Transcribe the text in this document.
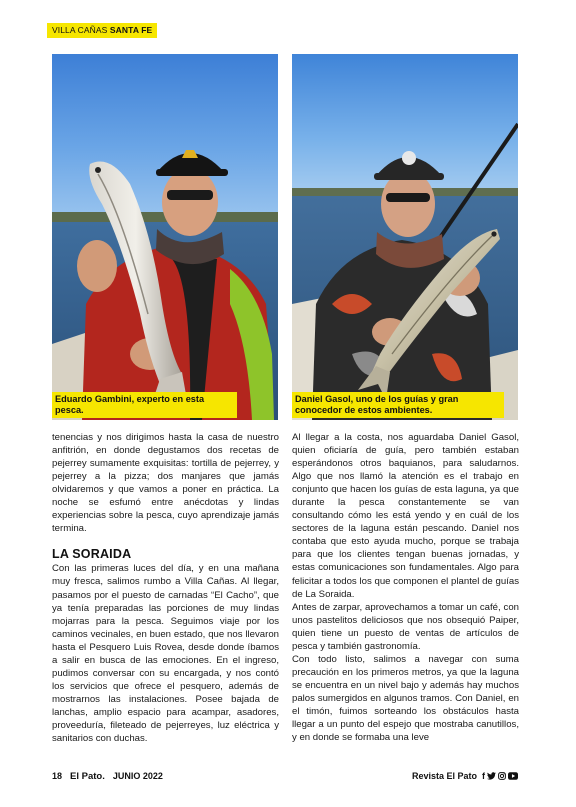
VILLA CAÑAS SANTA FE
Eduardo Gambini, experto en esta pesca.
Daniel Gasol, uno de los guías y gran conocedor de estos ambientes.

tenencias y nos dirigimos hasta la casa de nuestro anfitrión, en donde degustamos dos recetas de pejerrey sumamente exquisitas: tortilla de pejerrey, y pejerrey a la pizza; dos manjares que jamás olvidaremos y que vamos a poner en práctica. La noche se esfumó entre anécdotas y lindas experiencias sobre la pesca, cuyo aprendizaje jamás termina.

LA SORAIDA

Con las primeras luces del día, y en una mañana muy fresca, salimos rumbo a Villa Cañas. Al llegar, pasamos por el puesto de carnadas “El Cacho”, que ya tenía preparadas las porciones de muy lindas mojarras para la pesca. Seguimos viaje por los caminos vecinales, en buen estado, que nos llevaron hasta el Pesquero Luis Rovea, desde donde íbamos a salir en busca de las emociones. En el ingreso, pudimos conversar con su encargada, y nos contó los servicios que ofrece el pesquero, además de mostrarnos las instalaciones. Posee bajada de lanchas, amplio espacio para acampar, asadores, proveeduría, fileteado de pejerreyes, luz eléctrica y sanitarios con duchas.

Al llegar a la costa, nos aguardaba Daniel Gasol, quien oficiaría de guía, pero también estaban esperándonos otros baquianos, para saludarnos. Algo que nos llamó la atención es el trabajo en conjunto que hacen los guías de esta laguna, ya que durante la pesca constantemente se van consultando cómo les está yendo y en cuál de los sectores de la laguna están pescando. Daniel nos contaba que esto ayuda mucho, porque se trabaja para que los clientes tengan buenas jornadas, y estas comunicaciones son fundamentales. Algo para felicitar a todos los que componen el plantel de guías de La Soraida.

Antes de zarpar, aprovechamos a tomar un café, con unos pastelitos deliciosos que nos obsequió Paiper, quien tiene un puesto de ventas de artículos de pesca y también gastronomía.

Con todo listo, salimos a navegar con suma precaución en los primeros metros, ya que la laguna se encuentra en un nivel bajo y además hay muchos palos sumergidos en algunos tramos. Con Daniel, en el timón, fuimos sorteando los obstáculos hasta llegar a un punto del espejo que mostraba canutillos, y en donde se formaba una leve

18 El Pato. JUNIO 2022	Revista El Pato f
